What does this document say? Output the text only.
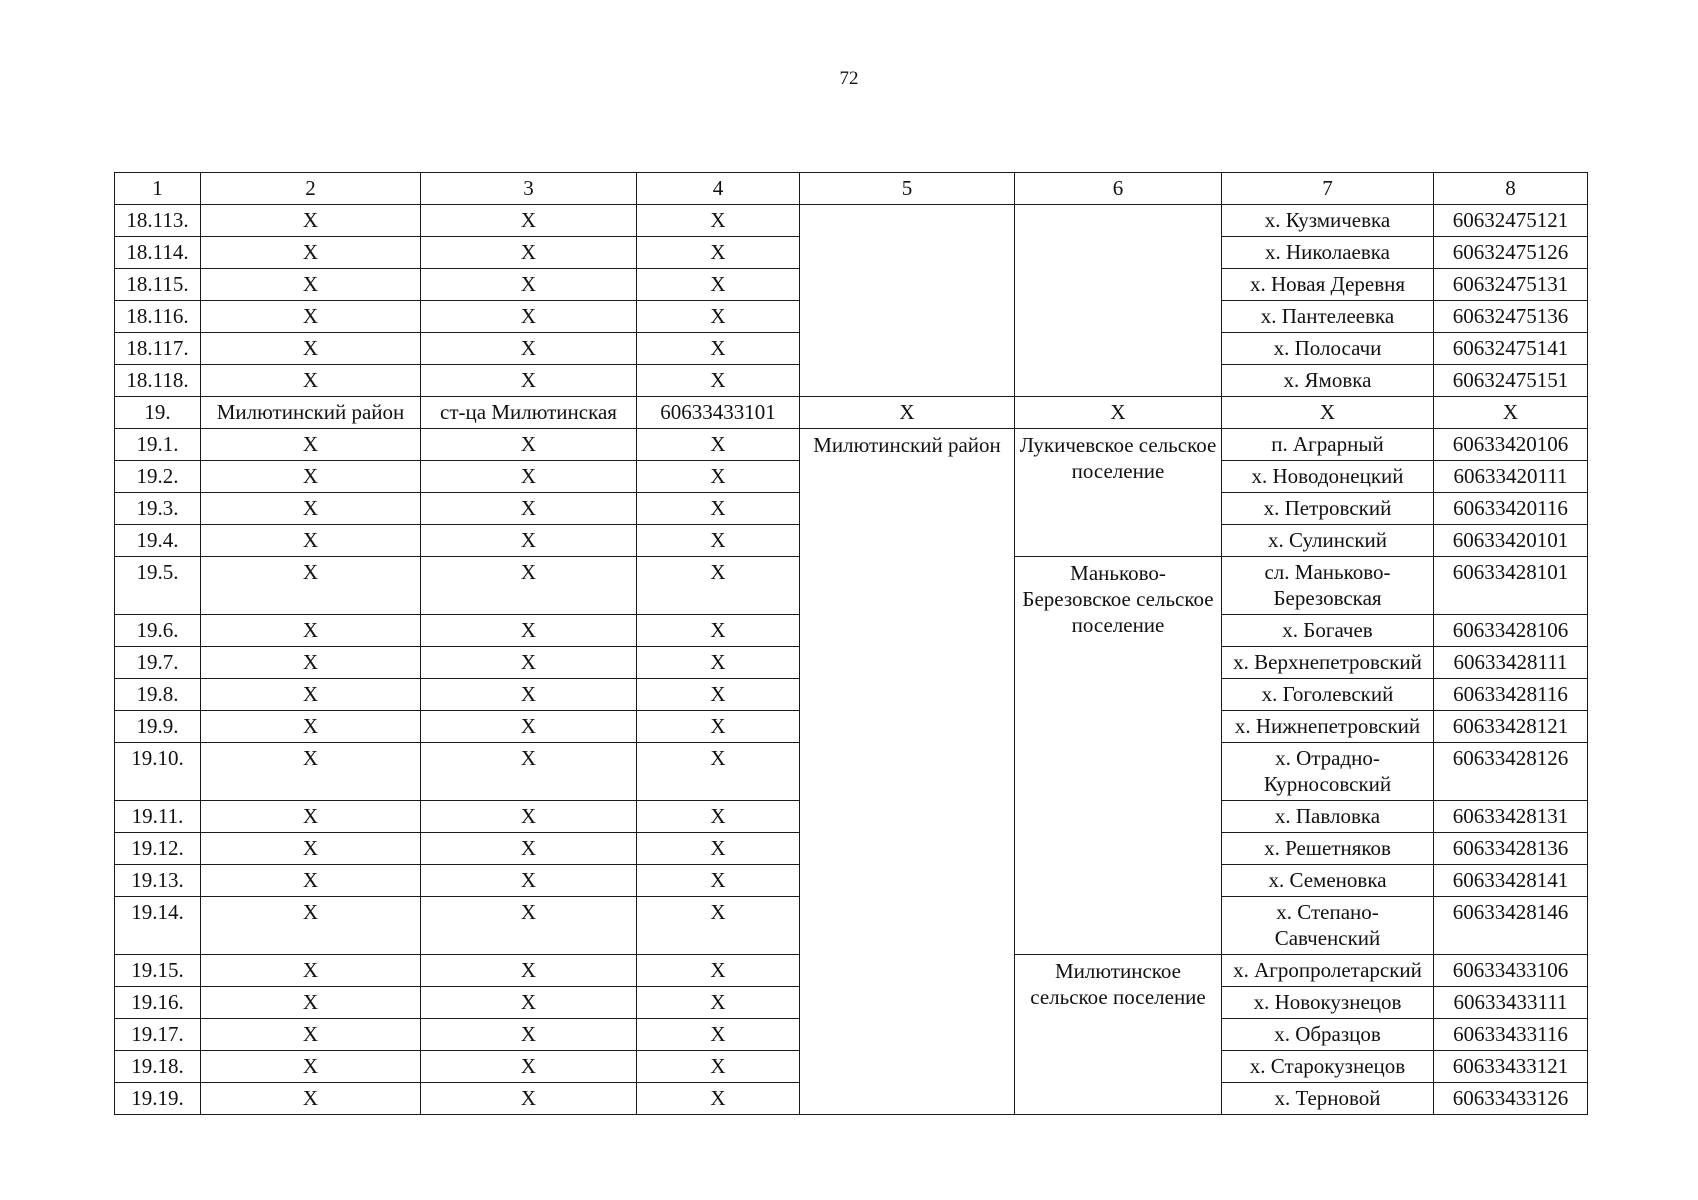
72
1	2	3	4	5	6	7	8
18.113.	X	X	X			х. Кузмичевка	60632475121
18.114.	X	X	X			х. Николаевка	60632475126
18.115.	X	X	X			х. Новая Деревня	60632475131
18.116.	X	X	X			х. Пантелеевка	60632475136
18.117.	X	X	X			х. Полосачи	60632475141
18.118.	X	X	X			х. Ямовка	60632475151
19.	Милютинский район	ст-ца Милютинская	60633433101	X	X	X	X
19.1.	X	X	X	Милютинский район	Лукичевское сельское поселение	п. Аграрный	60633420106
19.2.	X	X	X			х. Новодонецкий	60633420111
19.3.	X	X	X			х. Петровский	60633420116
19.4.	X	X	X			х. Сулинский	60633420101
19.5.	X	X	X		Маньково-Березовское сельское поселение	сл. Маньково-Березовская	60633428101
19.6.	X	X	X			х. Богачев	60633428106
19.7.	X	X	X			х. Верхнепетровский	60633428111
19.8.	X	X	X			х. Гоголевский	60633428116
19.9.	X	X	X			х. Нижнепетровский	60633428121
19.10.	X	X	X			х. Отрадно-Курносовский	60633428126
19.11.	X	X	X			х. Павловка	60633428131
19.12.	X	X	X			х. Решетняков	60633428136
19.13.	X	X	X			х. Семеновка	60633428141
19.14.	X	X	X			х. Степано-Савченский	60633428146
19.15.	X	X	X		Милютинское сельское поселение	х. Агропролетарский	60633433106
19.16.	X	X	X			х. Новокузнецов	60633433111
19.17.	X	X	X			х. Образцов	60633433116
19.18.	X	X	X			х. Старокузнецов	60633433121
19.19.	X	X	X			х. Терновой	60633433126
